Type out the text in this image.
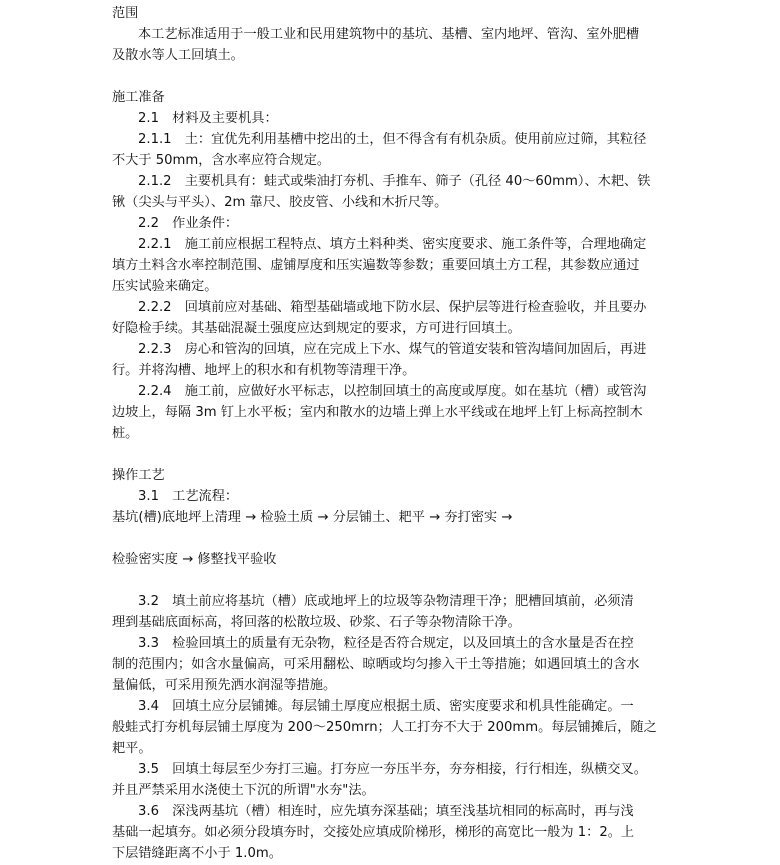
范围
本工艺标准适用于一般工业和民用建筑物中的基坑、基槽、室内地坪、管沟、室外肥槽
及散水等人工回填土。
施工准备
2.1　材料及主要机具：
2.1.1　土：宜优先利用基槽中挖出的土，但不得含有有机杂质。使用前应过筛，其粒径
不大于 50mm，含水率应符合规定。
2.1.2　主要机具有：蛙式或柴油打夯机、手推车、筛子（孔径 40～60mm）、木耙、铁
锹（尖头与平头）、2m 靠尺、胶皮管、小线和木折尺等。
2.2　作业条件：
2.2.1　施工前应根据工程特点、填方土料种类、密实度要求、施工条件等，合理地确定
填方土料含水率控制范围、虚铺厚度和压实遍数等参数；重要回填土方工程，其参数应通过
压实试验来确定。
2.2.2　回填前应对基础、箱型基础墙或地下防水层、保护层等进行检查验收，并且要办
好隐检手续。其基础混凝土强度应达到规定的要求，方可进行回填土。
2.2.3　房心和管沟的回填，应在完成上下水、煤气的管道安装和管沟墙间加固后，再进
行。并将沟槽、地坪上的积水和有机物等清理干净。
2.2.4　施工前，应做好水平标志，以控制回填土的高度或厚度。如在基坑（槽）或管沟
边坡上，每隔 3m 钉上水平板；室内和散水的边墙上弹上水平线或在地坪上钉上标高控制木
桩。
操作工艺
3.1　工艺流程：
基坑(槽)底地坪上清理 → 检验土质 → 分层铺土、耙平 → 夯打密实 →
检验密实度 → 修整找平验收
3.2　填土前应将基坑（槽）底或地坪上的垃圾等杂物清理干净；肥槽回填前，必须清
理到基础底面标高，将回落的松散垃圾、砂浆、石子等杂物清除干净。
3.3　检验回填土的质量有无杂物，粒径是否符合规定，以及回填土的含水量是否在控
制的范围内；如含水量偏高，可采用翻松、晾晒或均匀掺入干土等措施；如遇回填土的含水
量偏低，可采用预先洒水润湿等措施。
3.4　回填土应分层铺摊。每层铺土厚度应根据土质、密实度要求和机具性能确定。一
般蛙式打夯机每层铺土厚度为 200～250mrn；人工打夯不大于 200mm。每层铺摊后，随之
耙平。
3.5　回填土每层至少夯打三遍。打夯应一夯压半夯，夯夯相接，行行相连，纵横交叉。
并且严禁采用水浇使土下沉的所谓"水夯"法。
3.6　深浅两基坑（槽）相连时，应先填夯深基础；填至浅基坑相同的标高时，再与浅
基础一起填夯。如必须分段填夯时，交接处应填成阶梯形，梯形的高宽比一般为 1：2。上
下层错缝距离不小于 1.0m。
